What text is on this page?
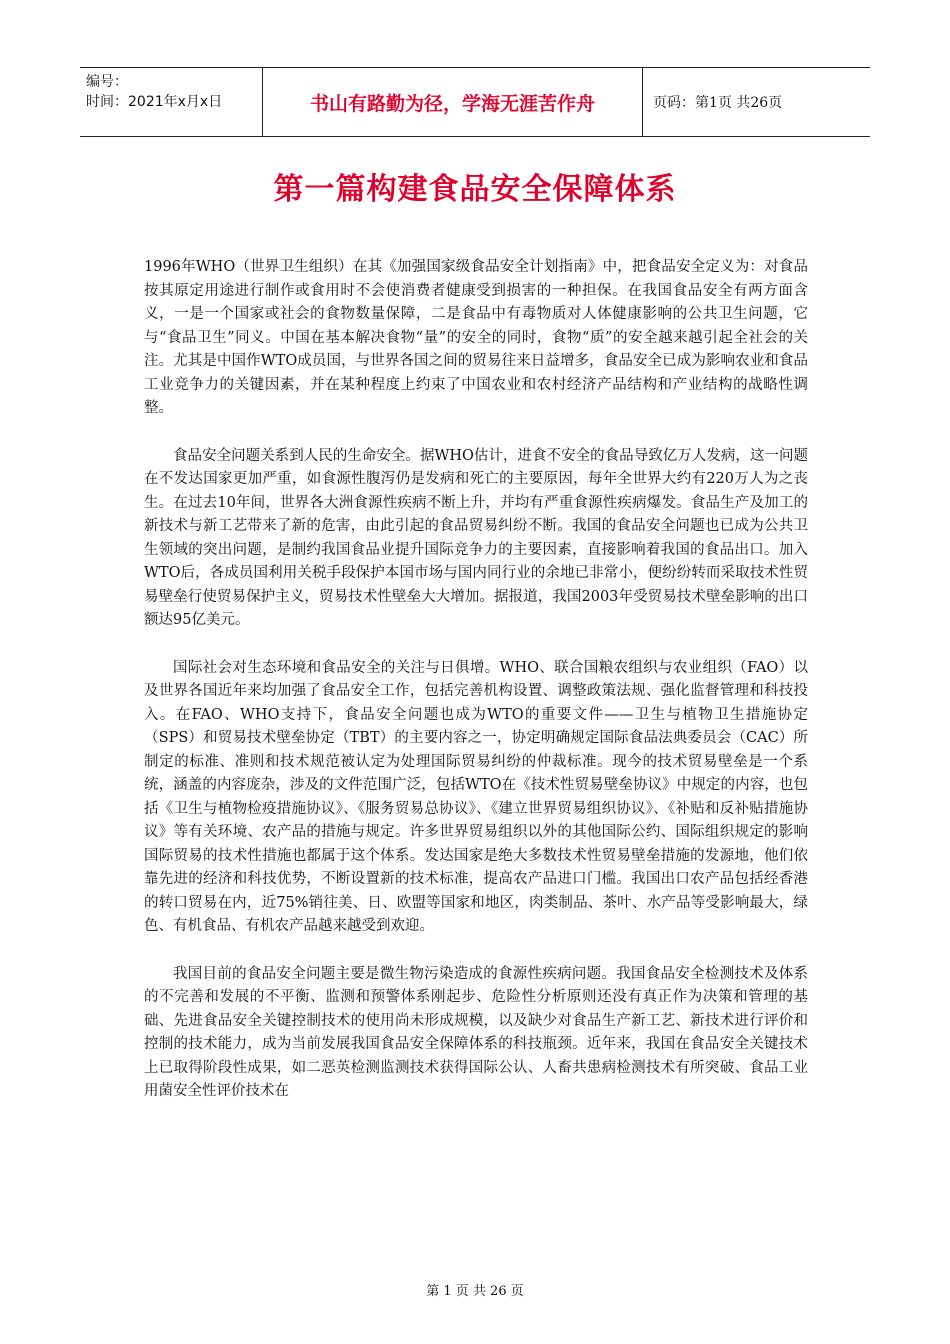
编号：
时间：2021年x月x日	书山有路勤为径，学海无涯苦作舟	页码：第1页 共26页
第一篇构建食品安全保障体系

1996年WHO（世界卫生组织）在其《加强国家级食品安全计划指南》中，把食品安全定义为：对食品按其原定用途进行制作或食用时不会使消费者健康受到损害的一种担保。在我国食品安全有两方面含义，一是一个国家或社会的食物数量保障，二是食品中有毒物质对人体健康影响的公共卫生问题，它与“食品卫生”同义。中国在基本解决食物“量”的安全的同时，食物“质”的安全越来越引起全社会的关注。尤其是中国作WTO成员国，与世界各国之间的贸易往来日益增多，食品安全已成为影响农业和食品工业竞争力的关键因素，并在某种程度上约束了中国农业和农村经济产品结构和产业结构的战略性调整。

食品安全问题关系到人民的生命安全。据WHO估计，进食不安全的食品导致亿万人发病，这一问题在不发达国家更加严重，如食源性腹泻仍是发病和死亡的主要原因，每年全世界大约有220万人为之丧生。在过去10年间，世界各大洲食源性疾病不断上升，并均有严重食源性疾病爆发。食品生产及加工的新技术与新工艺带来了新的危害，由此引起的食品贸易纠纷不断。我国的食品安全问题也已成为公共卫生领域的突出问题，是制约我国食品业提升国际竞争力的主要因素，直接影响着我国的食品出口。加入WTO后，各成员国利用关税手段保护本国市场与国内同行业的余地已非常小，便纷纷转而采取技术性贸易壁垒行使贸易保护主义，贸易技术性壁垒大大增加。据报道，我国2003年受贸易技术壁垒影响的出口额达95亿美元。

国际社会对生态环境和食品安全的关注与日俱增。WHO、联合国粮农组织与农业组织（FAO）以及世界各国近年来均加强了食品安全工作，包括完善机构设置、调整政策法规、强化监督管理和科技投入。在FAO、WHO支持下，食品安全问题也成为WTO的重要文件——卫生与植物卫生措施协定（SPS）和贸易技术壁垒协定（TBT）的主要内容之一，协定明确规定国际食品法典委员会（CAC）所制定的标准、准则和技术规范被认定为处理国际贸易纠纷的仲裁标准。现今的技术贸易壁垒是一个系统，涵盖的内容庞杂，涉及的文件范围广泛，包括WTO在《技术性贸易壁垒协议》中规定的内容，也包括《卫生与植物检疫措施协议》、《服务贸易总协议》、《建立世界贸易组织协议》、《补贴和反补贴措施协议》等有关环境、农产品的措施与规定。许多世界贸易组织以外的其他国际公约、国际组织规定的影响国际贸易的技术性措施也都属于这个体系。发达国家是绝大多数技术性贸易壁垒措施的发源地，他们依靠先进的经济和科技优势，不断设置新的技术标准，提高农产品进口门槛。我国出口农产品包括经香港的转口贸易在内，近75%销往美、日、欧盟等国家和地区，肉类制品、茶叶、水产品等受影响最大，绿色、有机食品、有机农产品越来越受到欢迎。

我国目前的食品安全问题主要是微生物污染造成的食源性疾病问题。我国食品安全检测技术及体系的不完善和发展的不平衡、监测和预警体系刚起步、危险性分析原则还没有真正作为决策和管理的基础、先进食品安全关键控制技术的使用尚未形成规模，以及缺少对食品生产新工艺、新技术进行评价和控制的技术能力，成为当前发展我国食品安全保障体系的科技瓶颈。近年来，我国在食品安全关键技术上已取得阶段性成果，如二恶英检测监测技术获得国际公认、人畜共患病检测技术有所突破、食品工业用菌安全性评价技术在

第 1 页 共 26 页
